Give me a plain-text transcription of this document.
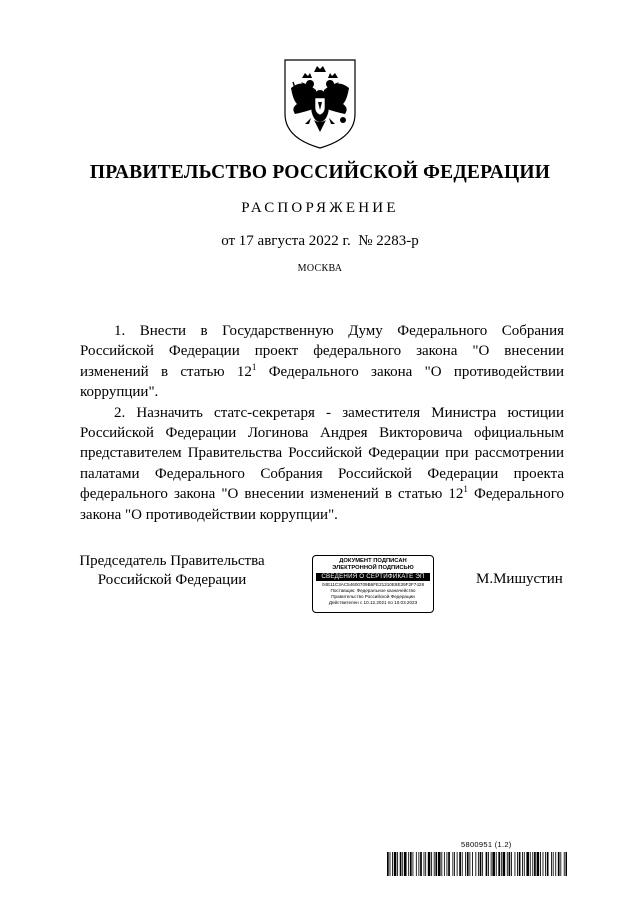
ПРАВИТЕЛЬСТВО РОССИЙСКОЙ ФЕДЕРАЦИИ
РАСПОРЯЖЕНИЕ
от 17 августа 2022 г. № 2283-р
МОСКВА

1. Внести в Государственную Думу Федерального Собрания Российской Федерации проект федерального закона "О внесении изменений в статью $12^1$ Федерального закона "О противодействии коррупции".

2. Назначить статс-секретаря - заместителя Министра юстиции Российской Федерации Логинова Андрея Викторовича официальным представителем Правительства Российской Федерации при рассмотрении палатами Федерального Собрания Российской Федерации проекта федерального закона "О внесении изменений в статью $12^1$ Федерального закона "О противодействии коррупции".

Председатель Правительства
Российской Федерации
ДОКУМЕНТ ПОДПИСАН
ЭЛЕКТРОННОЙ ПОДПИСЬЮ
СВЕДЕНИЯ О СЕРТИФИКАТЕ ЭП
04E11C3AC54600709B6FE21310E8E39F2F7428
Поставщик: Федеральное казначейство
Правительство Российской Федерации
Действителен с 10.12.2021 по 10.03.2023
М.Мишустин
5800951 (1.2)
